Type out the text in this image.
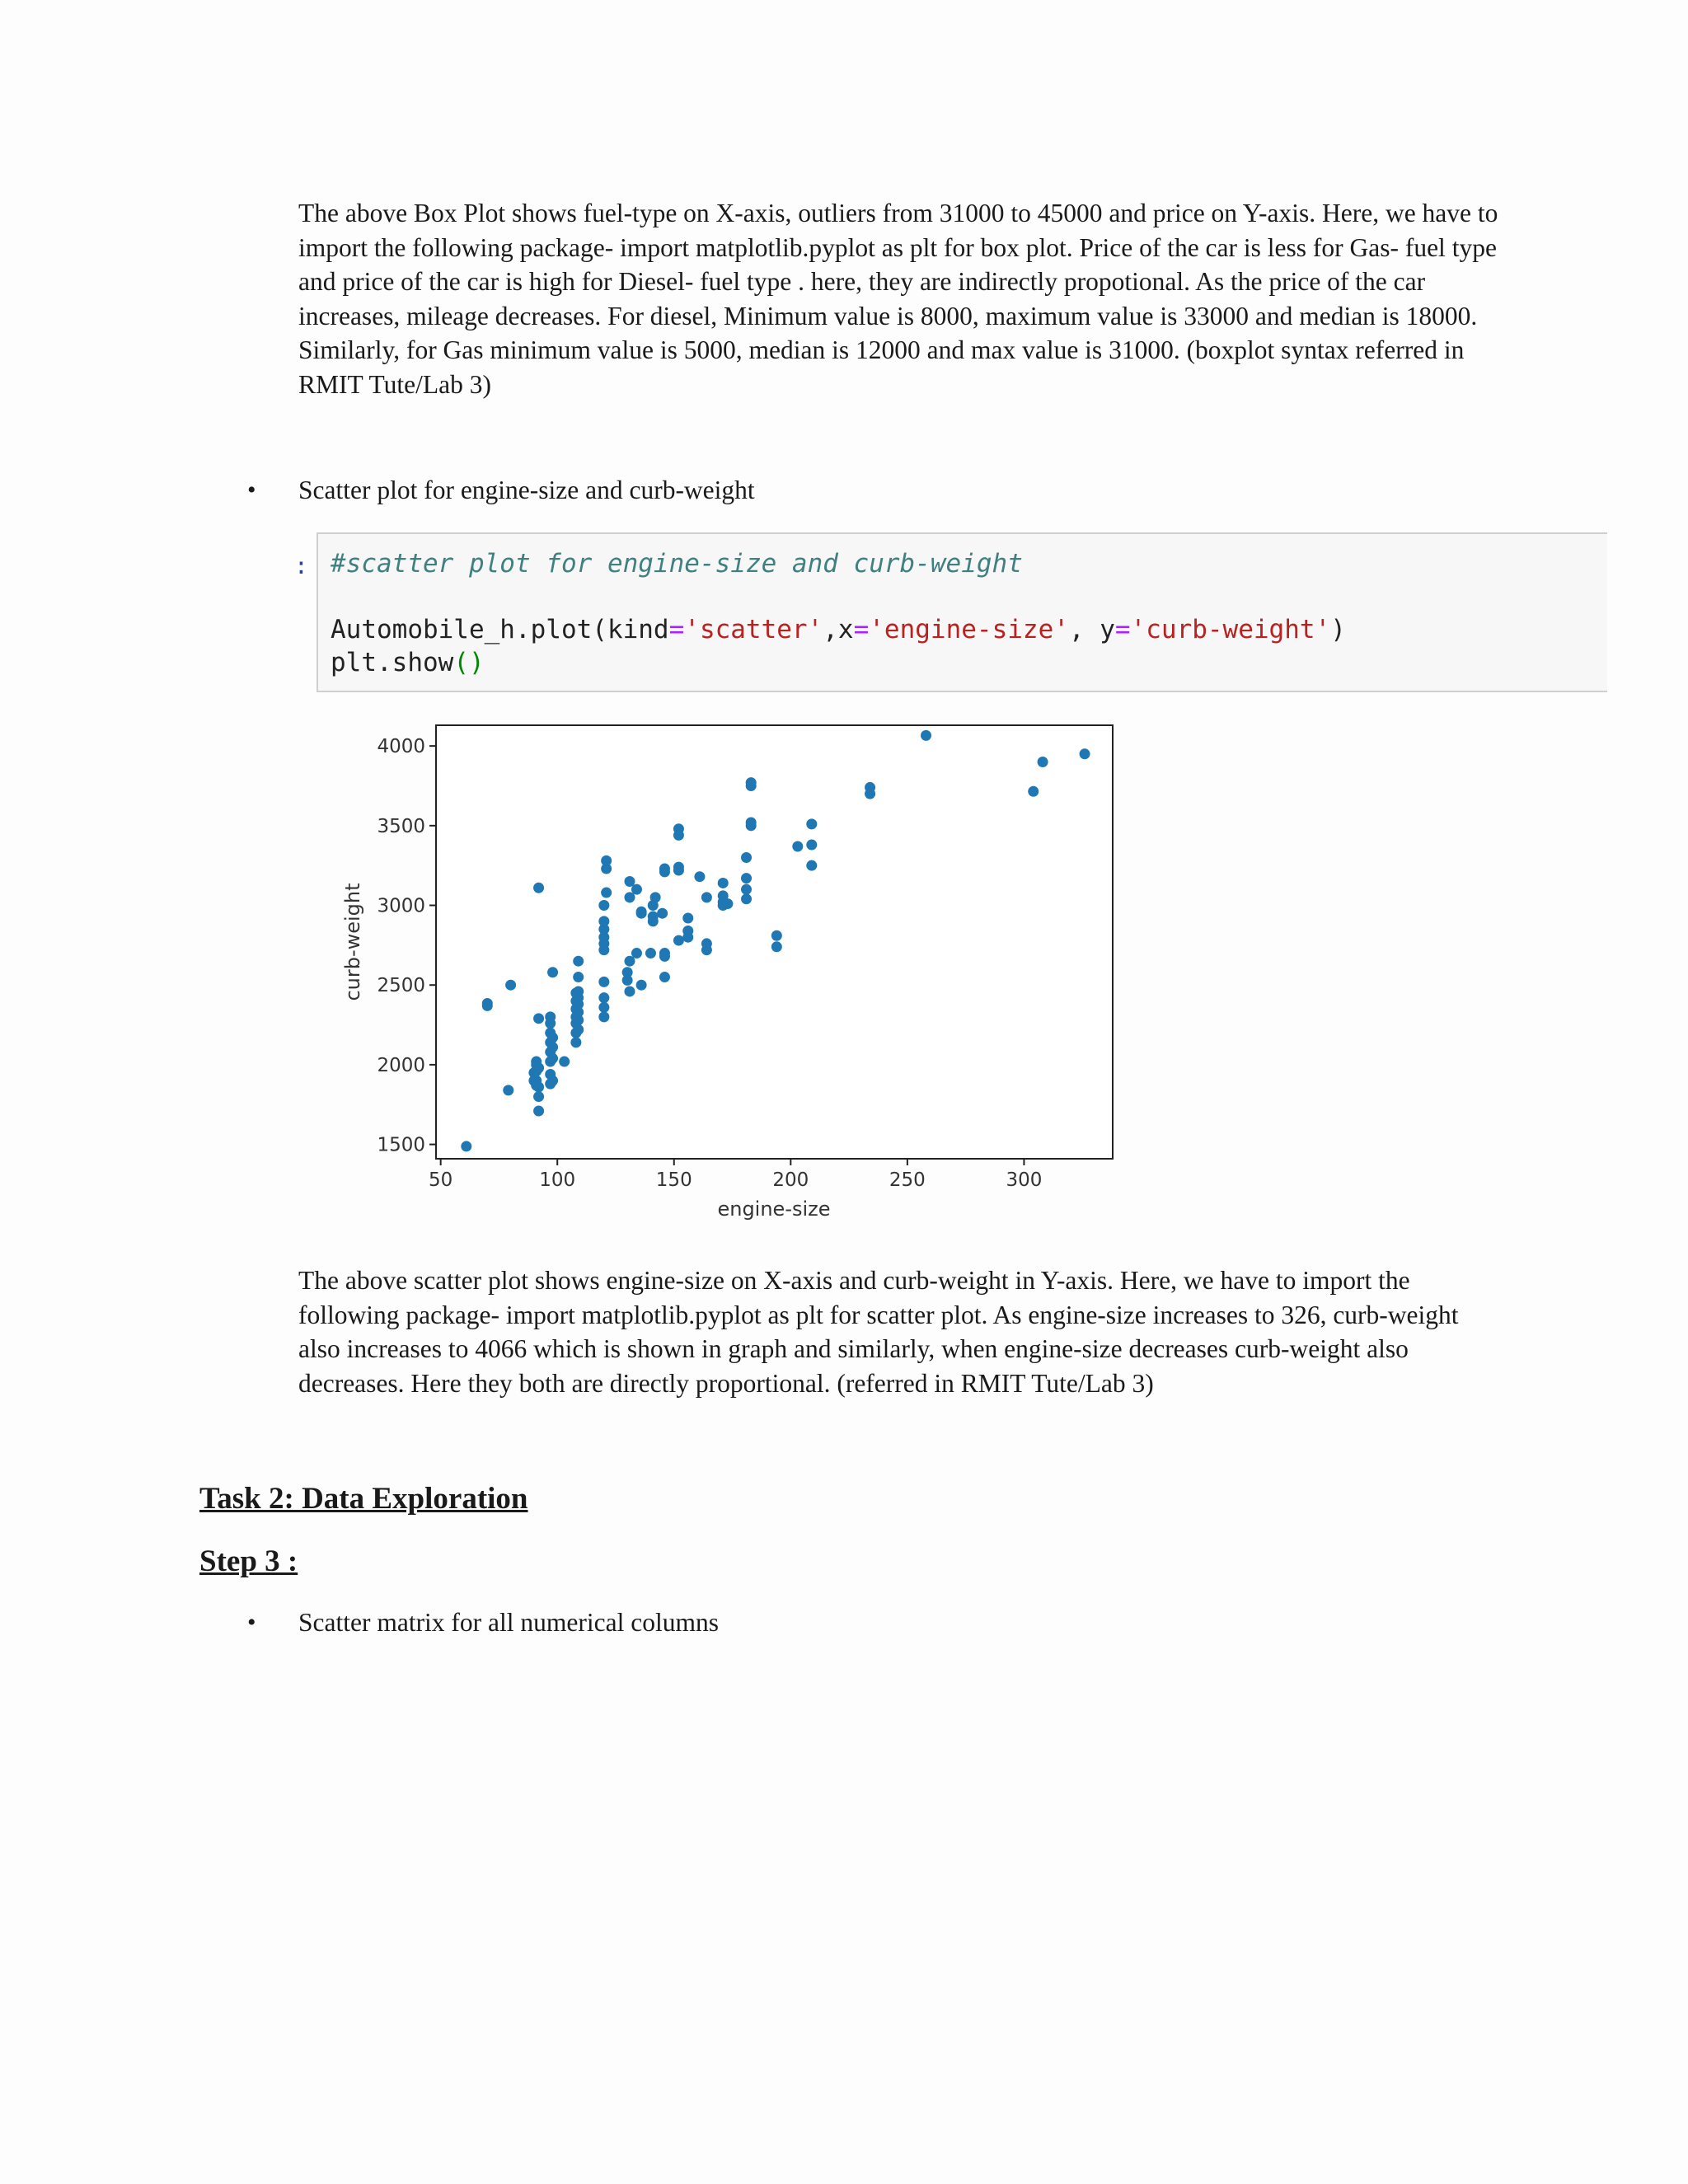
The above Box Plot shows fuel-type on X-axis, outliers from 31000 to 45000 and price on Y-axis. Here, we have to import the following package- import matplotlib.pyplot as plt for box plot. Price of the car is less for Gas- fuel type and price of the car is high for Diesel- fuel type . here, they are indirectly propotional. As the price of the car increases, mileage decreases. For diesel, Minimum value is 8000, maximum value is 33000 and median is 18000. Similarly, for Gas minimum value is 5000, median is 12000 and max value is 31000. (boxplot syntax referred in RMIT Tute/Lab 3)

• Scatter plot for engine-size and curb-weight
: #scatter plot for engine-size and curb-weight
Automobile_h.plot(kind='scatter',x='engine-size', y='curb-weight')
plt.show()
1500
2000
2500
3000
3500
4000
50	100	150	200	250	300
engine-size
curb-weight

The above scatter plot shows engine-size on X-axis and curb-weight in Y-axis. Here, we have to import the following package- import matplotlib.pyplot as plt for scatter plot. As engine-size increases to 326, curb-weight also increases to 4066 which is shown in graph and similarly, when engine-size decreases curb-weight also decreases. Here they both are directly proportional. (referred in RMIT Tute/Lab 3)

Task 2: Data Exploration
Step 3 :
• Scatter matrix for all numerical columns
